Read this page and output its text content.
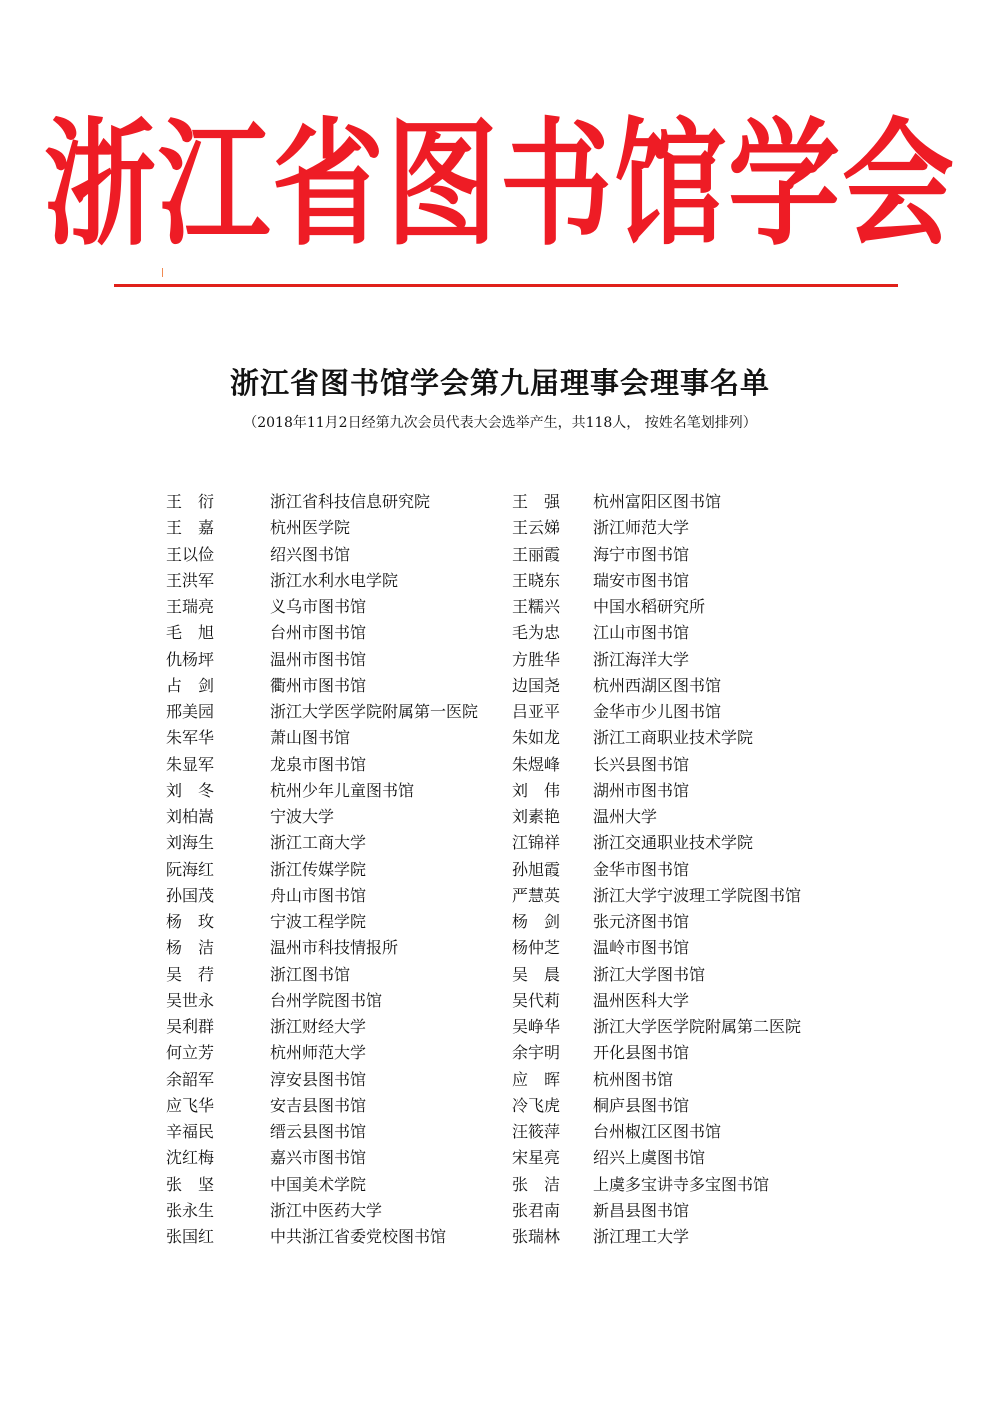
浙江省图书馆学会
浙江省图书馆学会第九届理事会理事名单
（2018年11月2日经第九次会员代表大会选举产生，共118人， 按姓名笔划排列）
王　衍	浙江省科技信息研究院	王　强 杭州富阳区图书馆
王　嘉	杭州医学院	王云娣 浙江师范大学
王以俭	绍兴图书馆	王丽霞 海宁市图书馆
王洪军	浙江水利水电学院	王晓东 瑞安市图书馆
王瑞亮	义乌市图书馆	王糯兴 中国水稻研究所
毛　旭	台州市图书馆	毛为忠 江山市图书馆
仇杨坪	温州市图书馆	方胜华 浙江海洋大学
占　剑	衢州市图书馆	边国尧 杭州西湖区图书馆
邢美园	浙江大学医学院附属第一医院 吕亚平 金华市少儿图书馆
朱军华	萧山图书馆	朱如龙 浙江工商职业技术学院
朱显军	龙泉市图书馆	朱煜峰 长兴县图书馆
刘　冬	杭州少年儿童图书馆	刘　伟 湖州市图书馆
刘柏嵩	宁波大学	刘素艳 温州大学
刘海生	浙江工商大学	江锦祥 浙江交通职业技术学院
阮海红	浙江传媒学院	孙旭霞 金华市图书馆
孙国茂	舟山市图书馆	严慧英 浙江大学宁波理工学院图书馆
杨　玫	宁波工程学院	杨　剑 张元济图书馆
杨　洁	温州市科技情报所	杨仲芝 温岭市图书馆
吴　荇	浙江图书馆	吴　晨 浙江大学图书馆
吴世永	台州学院图书馆	吴代莉 温州医科大学
吴利群	浙江财经大学	吴峥华 浙江大学医学院附属第二医院
何立芳	杭州师范大学	余宇明 开化县图书馆
余韶军	淳安县图书馆	应　晖 杭州图书馆
应飞华	安吉县图书馆	冷飞虎 桐庐县图书馆
辛福民	缙云县图书馆	汪筱萍 台州椒江区图书馆
沈红梅	嘉兴市图书馆	宋星亮 绍兴上虞图书馆
张　坚	中国美术学院	张　洁 上虞多宝讲寺多宝图书馆
张永生	浙江中医药大学	张君南 新昌县图书馆
张国红	中共浙江省委党校图书馆	张瑞林 浙江理工大学
